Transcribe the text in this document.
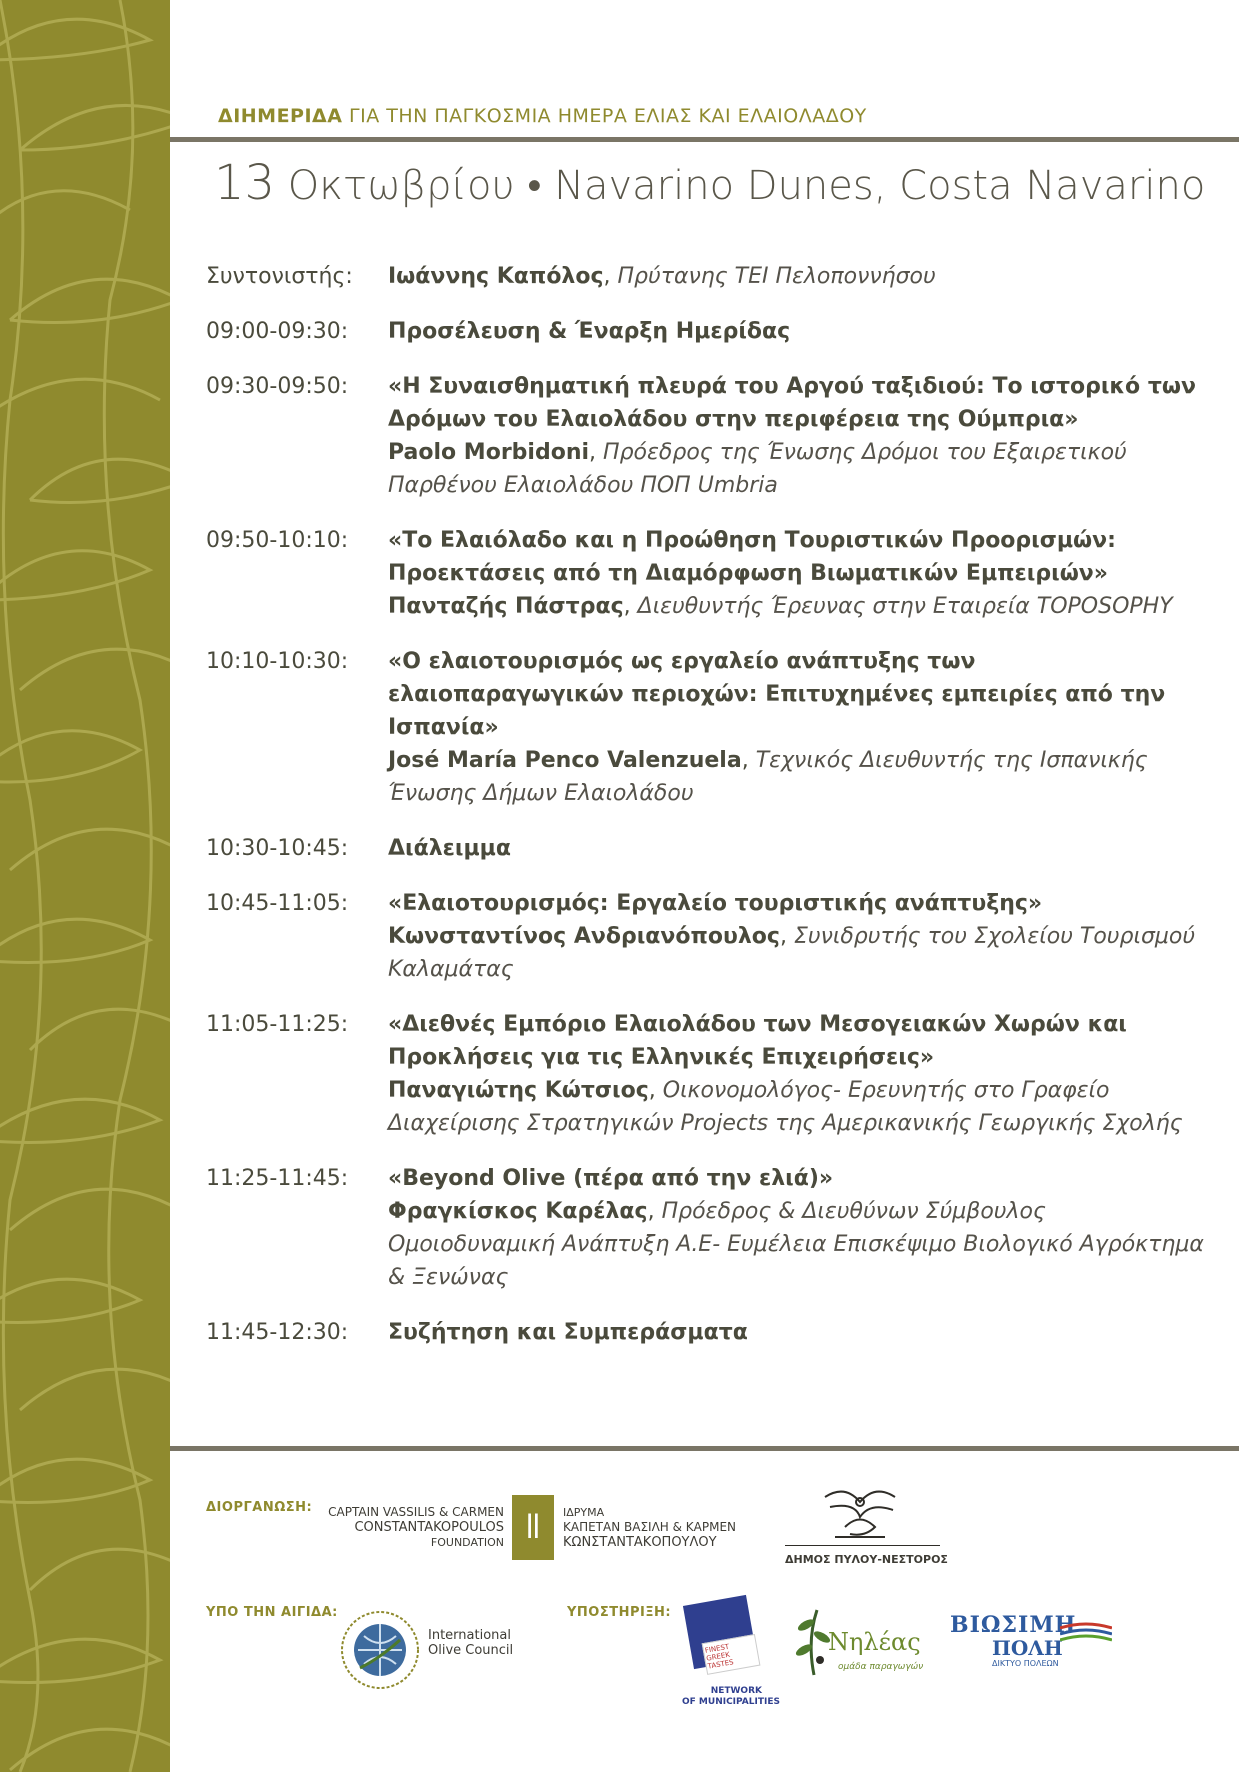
ΔΙΗΜΕΡΙΔΑ ΓΙΑ ΤΗΝ ΠΑΓΚΟΣΜΙΑ ΗΜΕΡΑ ΕΛΙΑΣ ΚΑΙ ΕΛΑΙΟΛΑΔΟΥ
13 Οκτωβρίου • Navarino Dunes, Costa Navarino
Συντονιστής:	Ιωάννης Καπόλος, Πρύτανης ΤΕΙ Πελοποννήσου
09:00-09:30:	Προσέλευση & Έναρξη Ημερίδας
09:30-09:50:	«Η Συναισθηματική πλευρά του Αργού ταξιδιού: Το ιστορικό των Δρόμων του Ελαιολάδου στην περιφέρεια της Ούμπρια»
Paolo Morbidoni, Πρόεδρος της Ένωσης Δρόμοι του Εξαιρετικού Παρθένου Ελαιολάδου ΠΟΠ Umbria
09:50-10:10:	«Το Ελαιόλαδο και η Προώθηση Τουριστικών Προορισμών: Προεκτάσεις από τη Διαμόρφωση Βιωματικών Εμπειριών»
Πανταζής Πάστρας, Διευθυντής Έρευνας στην Εταιρεία TOPOSOPHY
10:10-10:30:	«Ο ελαιοτουρισμός ως εργαλείο ανάπτυξης των ελαιοπαραγωγικών περιοχών: Επιτυχημένες εμπειρίες από την Ισπανία»
José María Penco Valenzuela, Τεχνικός Διευθυντής της Ισπανικής Ένωσης Δήμων Ελαιολάδου
10:30-10:45:	Διάλειμμα
10:45-11:05:	«Ελαιοτουρισμός: Εργαλείο τουριστικής ανάπτυξης»
Κωνσταντίνος Ανδριανόπουλος, Συνιδρυτής του Σχολείου Τουρισμού Καλαμάτας
11:05-11:25:	«Διεθνές Εμπόριο Ελαιολάδου των Μεσογειακών Χωρών και Προκλήσεις για τις Ελληνικές Επιχειρήσεις»
Παναγιώτης Κώτσιος, Οικονομολόγος- Ερευνητής στο Γραφείο Διαχείρισης Στρατηγικών Projects της Αμερικανικής Γεωργικής Σχολής
11:25-11:45:	«Beyond Olive (πέρα από την ελιά)»
Φραγκίσκος Καρέλας, Πρόεδρος & Διευθύνων Σύμβουλος Ομοιοδυναμική Ανάπτυξη Α.Ε- Ευμέλεια Επισκέψιμο Βιολογικό Αγρόκτημα & Ξενώνας
11:45-12:30:	Συζήτηση και Συμπεράσματα
ΔΙΟΡΓΑΝΩΣΗ:	CAPTAIN VASSILIS & CARMEN
CONSTANTAKOPOULOS
FOUNDATION ǁ	ΙΔΡΥΜΑ
ΚΑΠΕΤΑΝ ΒΑΣΙΛΗ & ΚΑΡΜΕΝ
ΚΩΝΣΤΑΝΤΑΚΟΠΟΥΛΟΥ
ΔΗΜΟΣ ΠΥΛΟΥ-ΝΕΣΤΟΡΟΣ
ΥΠΟ ΤΗΝ ΑΙΓΙΔΑ:
International
Olive Council
ΥΠΟΣΤΗΡΙΞΗ:
FINEST GREEK TASTES
NETWORK
OF MUNICIPALITIES
Νηλέας
ομάδα παραγωγών
ΒΙΩΣΙΜΗ
ΠΟΛΗ
ΔΙΚΤΥΟ ΠΟΛΕΩΝ
